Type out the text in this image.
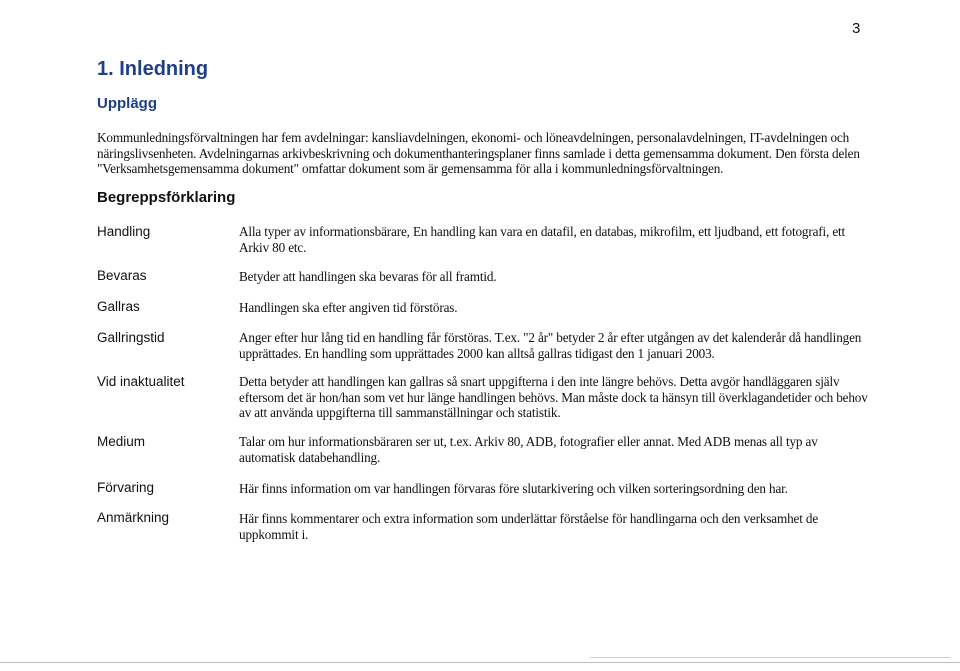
3
1. Inledning
Upplägg

Kommunledningsförvaltningen har fem avdelningar: kansliavdelningen, ekonomi- och löneavdelningen, personalavdelningen, IT-avdelningen och näringslivsenheten. Avdelningarnas arkivbeskrivning och dokumenthanteringsplaner finns samlade i detta gemensamma dokument. Den första delen "Verksamhetsgemensamma dokument" omfattar dokument som är gemensamma för alla i kommunledningsförvaltningen.

Begreppsförklaring
Handling	Alla typer av informationsbärare, En handling kan vara en datafil, en databas, mikrofilm, ett ljudband, ett fotografi, ett Arkiv 80 etc.

Bevaras	Betyder att handlingen ska bevaras för all framtid.

Gallras	Handlingen ska efter angiven tid förstöras.

Gallringstid	Anger efter hur lång tid en handling får förstöras. T.ex. "2 år" betyder 2 år efter utgången av det kalenderår då handlingen upprättades. En handling som upprättades 2000 kan alltså gallras tidigast den 1 januari 2003.

Vid inaktualitet	Detta betyder att handlingen kan gallras så snart uppgifterna i den inte längre behövs. Detta avgör handläggaren själv eftersom det är hon/han som vet hur länge handlingen behövs. Man måste dock ta hänsyn till överklagandetider och behov av att använda uppgifterna till sammanställningar och statistik.

Medium	Talar om hur informationsbäraren ser ut, t.ex. Arkiv 80, ADB, fotografier eller annat. Med ADB menas all typ av automatisk databehandling.

Förvaring	Här finns information om var handlingen förvaras före slutarkivering och vilken sorteringsordning den har.

Anmärkning	Här finns kommentarer och extra information som underlättar förståelse för handlingarna och den verksamhet de uppkommit i.
